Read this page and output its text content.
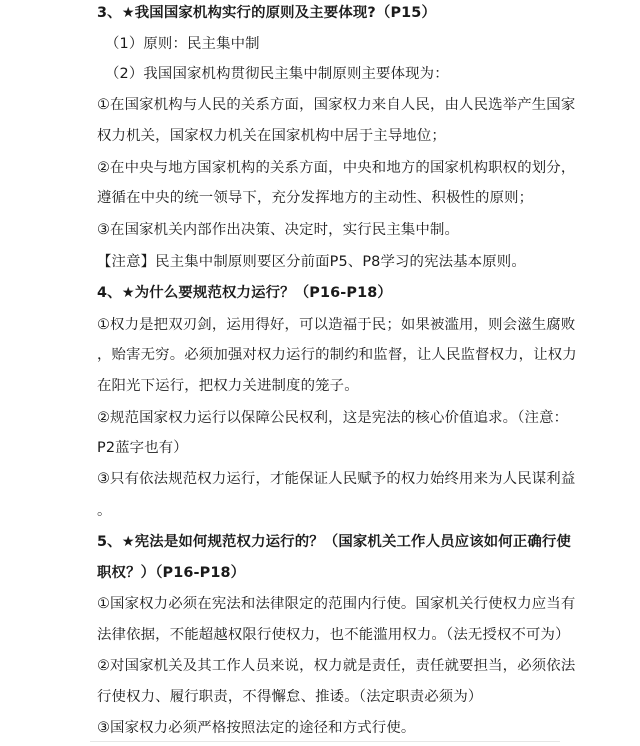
3、★我国国家机构实行的原则及主要体现?（P15）
（1）原则：民主集中制
（2）我国国家机构贯彻民主集中制原则主要体现为：
①在国家机构与人民的关系方面，国家权力来自人民，由人民选举产生国家
权力机关，国家权力机关在国家机构中居于主导地位；
②在中央与地方国家机构的关系方面，中央和地方的国家机构职权的划分，
遵循在中央的统一领导下，充分发挥地方的主动性、积极性的原则；
③在国家机关内部作出决策、决定时，实行民主集中制。
【注意】民主集中制原则要区分前面P5、P8学习的宪法基本原则。
4、★为什么要规范权力运行？（P16-P18）
①权力是把双刃剑，运用得好，可以造福于民；如果被滥用，则会滋生腐败
，贻害无穷。必须加强对权力运行的制约和监督，让人民监督权力，让权力
在阳光下运行，把权力关进制度的笼子。
②规范国家权力运行以保障公民权利，这是宪法的核心价值追求。（注意：
P2蓝字也有）
③只有依法规范权力运行，才能保证人民赋予的权力始终用来为人民谋利益
。
5、★宪法是如何规范权力运行的？（国家机关工作人员应该如何正确行使
职权？）（P16-P18）
①国家权力必须在宪法和法律限定的范围内行使。国家机关行使权力应当有
法律依据，不能超越权限行使权力，也不能滥用权力。（法无授权不可为）
②对国家机关及其工作人员来说，权力就是责任，责任就要担当，必须依法
行使权力、履行职责，不得懈怠、推诿。（法定职责必须为）
③国家权力必须严格按照法定的途径和方式行使。
